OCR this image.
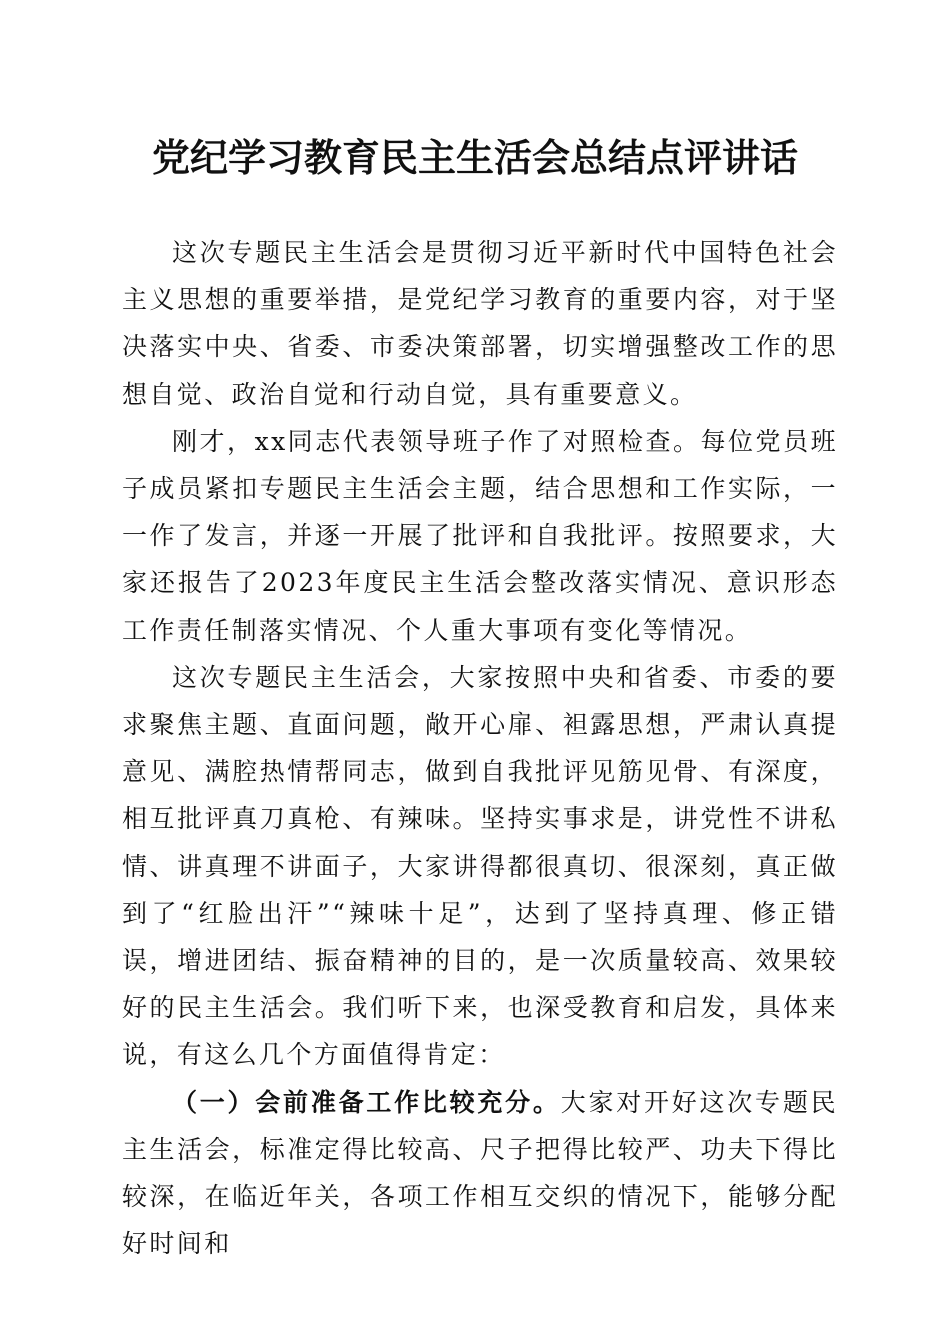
党纪学习教育民主生活会总结点评讲话

这次专题民主生活会是贯彻习近平新时代中国特色社会主义思想的重要举措，是党纪学习教育的重要内容，对于坚决落实中央、省委、市委决策部署，切实增强整改工作的思想自觉、政治自觉和行动自觉，具有重要意义。

刚才，xx同志代表领导班子作了对照检查。每位党员班子成员紧扣专题民主生活会主题，结合思想和工作实际，一一作了发言，并逐一开展了批评和自我批评。按照要求，大家还报告了2023年度民主生活会整改落实情况、意识形态工作责任制落实情况、个人重大事项有变化等情况。

这次专题民主生活会，大家按照中央和省委、市委的要求聚焦主题、直面问题，敞开心扉、袒露思想，严肃认真提意见、满腔热情帮同志，做到自我批评见筋见骨、有深度，相互批评真刀真枪、有辣味。坚持实事求是，讲党性不讲私情、讲真理不讲面子，大家讲得都很真切、很深刻，真正做到了“红脸出汗”“辣味十足”，达到了坚持真理、修正错误，增进团结、振奋精神的目的，是一次质量较高、效果较好的民主生活会。我们听下来，也深受教育和启发，具体来说，有这么几个方面值得肯定：

（一）会前准备工作比较充分。大家对开好这次专题民主生活会，标准定得比较高、尺子把得比较严、功夫下得比较深，在临近年关，各项工作相互交织的情况下，能够分配好时间和
